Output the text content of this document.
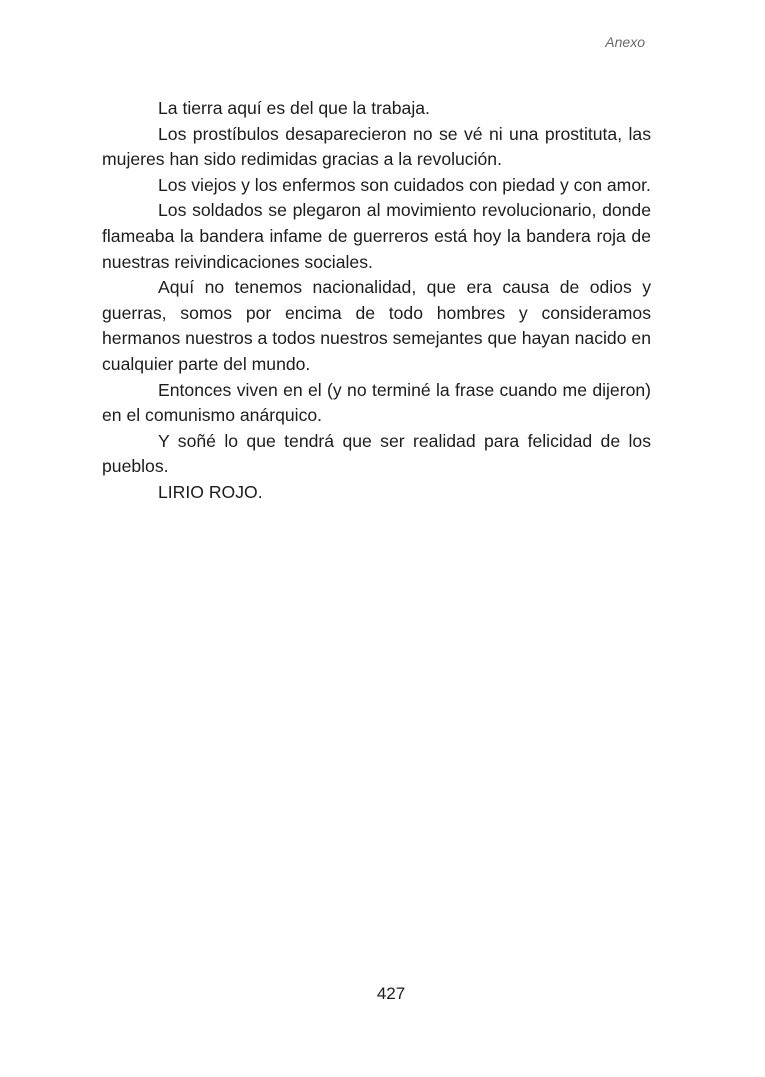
Anexo

La tierra aquí es del que la trabaja.

Los prostíbulos desaparecieron no se vé ni una prostituta, las mujeres han sido redimidas gracias a la revolución.

Los viejos y los enfermos son cuidados con piedad y con amor.

Los soldados se plegaron al movimiento revolucionario, donde flameaba la bandera infame de guerreros está hoy la bandera roja de nuestras reivindicaciones sociales.

Aquí no tenemos nacionalidad, que era causa de odios y guerras, somos por encima de todo hombres y consideramos hermanos nuestros a todos nuestros semejantes que hayan nacido en cualquier parte del mundo.

Entonces viven en el (y no terminé la frase cuando me dijeron) en el comunismo anárquico.

Y soñé lo que tendrá que ser realidad para felicidad de los pueblos.

LIRIO ROJO.

427
